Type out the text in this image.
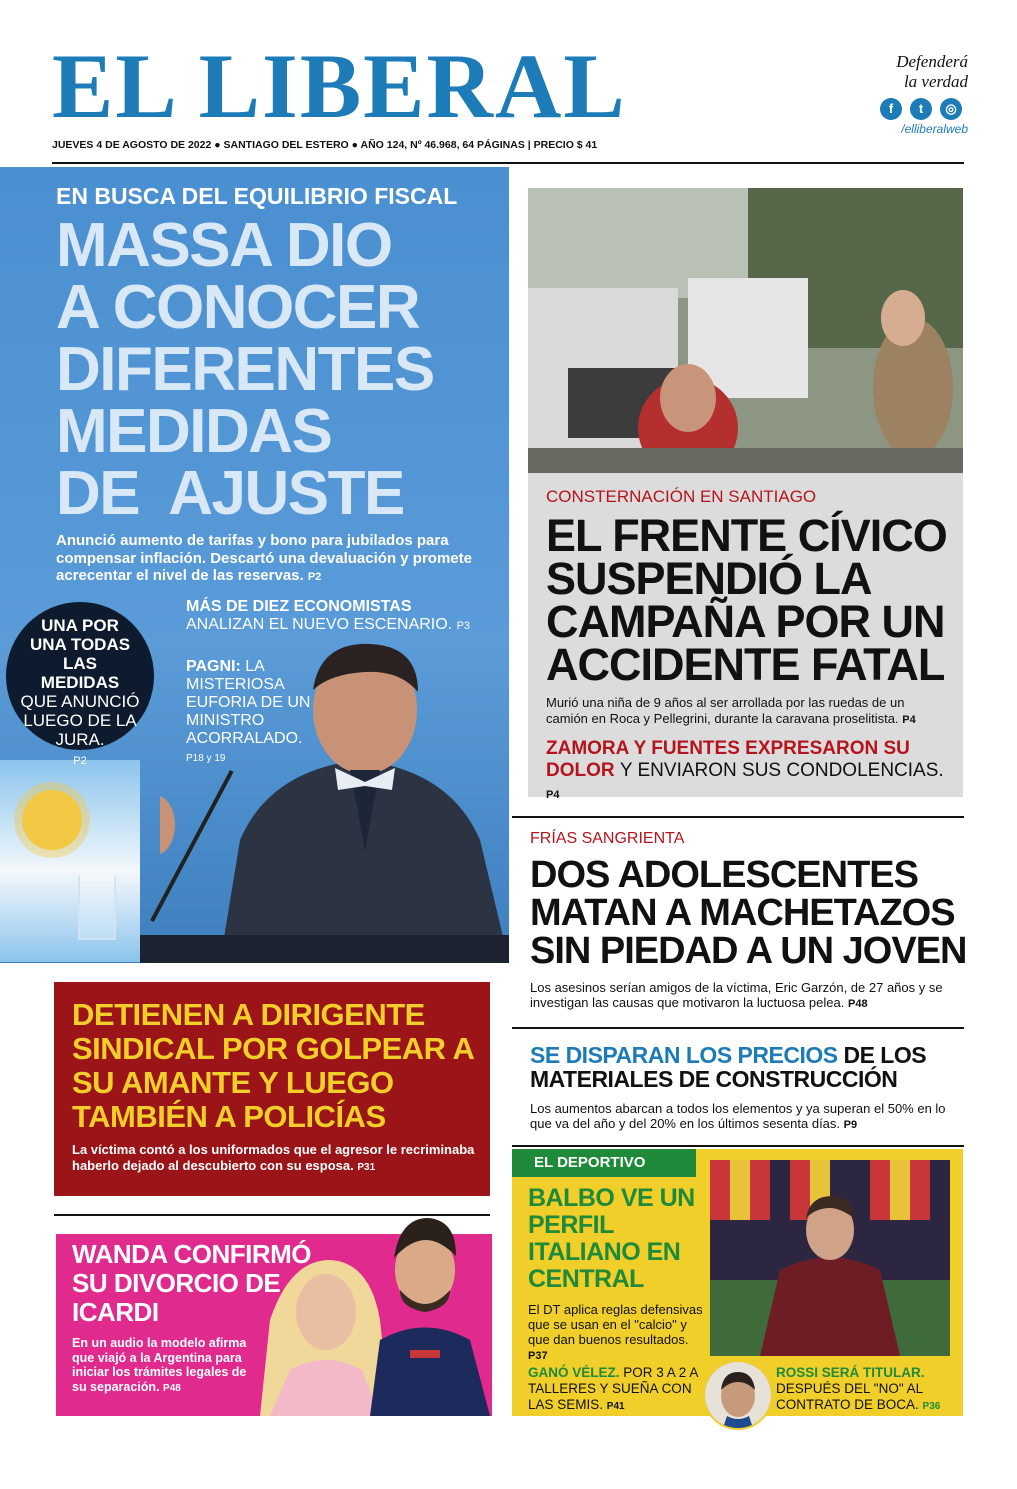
EL LIBERAL	Defenderá
la verdad
f	t	◎
/elliberalweb
JUEVES 4 DE AGOSTO DE 2022 ● SANTIAGO DEL ESTERO ● AÑO 124, Nº 46.968, 64 PÁGINAS | PRECIO $ 41
EN BUSCA DEL EQUILIBRIO FISCAL
MASSA DIO
A CONOCER
DIFERENTES
MEDIDAS
DE  AJUSTE
Anunció aumento de tarifas y bono para jubilados para compensar inflación. Descartó una devaluación y promete acrecentar el nivel de las reservas. P2
UNA POR UNA TODAS LAS MEDIDAS
QUE ANUNCIÓ LUEGO DE LA JURA.
P2
MÁS DE DIEZ ECONOMISTAS
ANALIZAN EL NUEVO ESCENARIO. P3
PAGNI: LA MISTERIOSA EUFORIA DE UN MINISTRO ACORRALADO.
P18 y 19
CONSTERNACIÓN EN SANTIAGO
EL FRENTE CÍVICO SUSPENDIÓ LA CAMPAÑA POR UN ACCIDENTE FATAL
Murió una niña de 9 años al ser arrollada por las ruedas de un camión en Roca y Pellegrini, durante la caravana proselitista. P4
ZAMORA Y FUENTES EXPRESARON SU DOLOR Y ENVIARON SUS CONDOLENCIAS. P4
FRÍAS SANGRIENTA
DOS ADOLESCENTES MATAN A MACHETAZOS SIN PIEDAD A UN JOVEN
Los asesinos serían amigos de la víctima, Eric Garzón, de 27 años y se investigan las causas que motivaron la luctuosa pelea. P48
SE DISPARAN LOS PRECIOS DE LOS MATERIALES DE CONSTRUCCIÓN
Los aumentos abarcan a todos los elementos y ya superan el 50% en lo que va del año y del 20% en los últimos sesenta días. P9
EL DEPORTIVO
BALBO VE UN PERFIL ITALIANO EN CENTRAL
El DT aplica reglas defensivas que se usan en el "calcio" y que dan buenos resultados. P37
GANÓ VÉLEZ. POR 3 A 2 A TALLERES Y SUEÑA CON LAS SEMIS. P41
ROSSI SERÁ TITULAR. DESPUÉS DEL "NO" AL CONTRATO DE BOCA. P36
DETIENEN A DIRIGENTE SINDICAL POR GOLPEAR A SU AMANTE Y LUEGO TAMBIÉN A POLICÍAS
La víctima contó a los uniformados que el agresor le recriminaba haberlo dejado al descubierto con su esposa. P31
WANDA CONFIRMÓ SU DIVORCIO DE ICARDI
En un audio la modelo afirma que viajó a la Argentina para iniciar los trámites legales de su separación. P48
